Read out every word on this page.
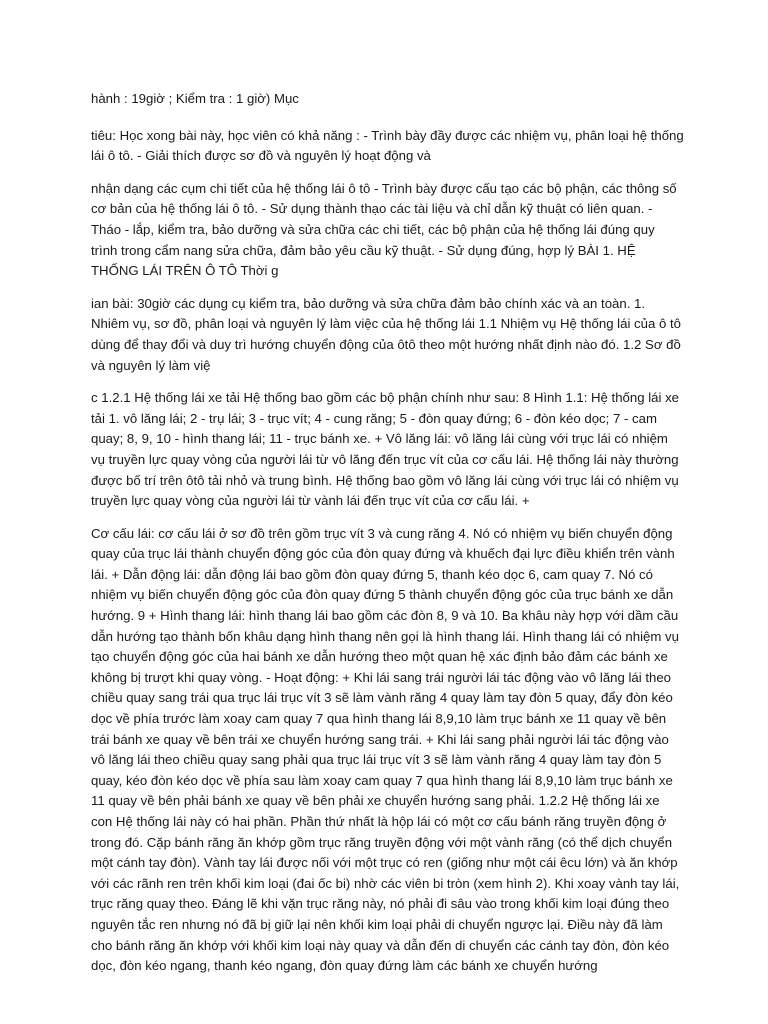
hành : 19giờ ; Kiểm tra : 1 giờ) Mục

tiêu: Học xong bài này, học viên có khả năng : - Trình bày đầy được các nhiệm vụ, phân loại hệ thống lái ô tô. - Giải thích được sơ đồ và nguyên lý hoạt động và

nhận dạng các cụm chi tiết của hệ thống lái ô tô - Trình bày được cấu tạo các bộ phận, các thông số cơ bản của hệ thống lái ô tô. - Sử dụng thành thạo các tài liệu và chỉ dẫn kỹ thuật có liên quan. - Tháo - lắp, kiểm tra, bảo dưỡng và sửa chữa các chi tiết, các bộ phận của hệ thống lái đúng quy trình trong cẩm nang sửa chữa, đảm bảo yêu cầu kỹ thuật. - Sử dụng đúng, hợp lý BÀI 1. HỆ THỐNG LÁI TRÊN Ô TÔ Thời g

ian bài: 30giờ các dụng cụ kiểm tra, bảo dưỡng và sửa chữa đảm bảo chính xác và an toàn. 1. Nhiêm vụ, sơ đồ, phân loại và nguyên lý làm việc của hệ thống lái 1.1 Nhiệm vụ Hệ thống lái của ô tô dùng để thay đổi và duy trì hướng chuyển động của ôtô theo một hướng nhất định nào đó. 1.2 Sơ đồ và nguyên lý làm việ

c 1.2.1 Hệ thống lái xe tải Hệ thống bao gồm các bộ phận chính như sau: 8 Hình 1.1: Hệ thống lái xe tải 1. vô lăng lái; 2 - trụ lái; 3 - trục vít; 4 - cung răng; 5 - đòn quay đứng; 6 - đòn kéo dọc; 7 - cam quay; 8, 9, 10 - hình thang lái; 11 - trục bánh xe. + Vô lăng lái: vô lăng lái cùng với trục lái có nhiệm vụ truyền lực quay vòng của người lái từ vô lăng đến trục vít của cơ cấu lái. Hệ thống lái này thường được bố trí trên ôtô tải nhỏ và trung bình. Hệ thống bao gồm vô lăng lái cùng với trục lái có nhiệm vụ truyền lực quay vòng của người lái từ vành lái đến trục vít của cơ cấu lái. +

Cơ cấu lái: cơ cấu lái ở sơ đồ trên gồm trục vít 3 và cung răng 4. Nó có nhiệm vụ biến chuyển động quay của trục lái thành chuyển động góc của đòn quay đứng và khuếch đại lực điều khiển trên vành lái. + Dẫn động lái: dẫn động lái bao gồm đòn quay đứng 5, thanh kéo dọc 6, cam quay 7. Nó có nhiệm vụ biến chuyển động góc của đòn quay đứng 5 thành chuyển động góc của trục bánh xe dẫn hướng. 9 + Hình thang lái: hình thang lái bao gồm các đòn 8, 9 và 10. Ba khâu này hợp với dầm cầu dẫn hướng tạo thành bốn khâu dạng hình thang nên gọi là hình thang lái. Hình thang lái có nhiệm vụ tạo chuyển động góc của hai bánh xe dẫn hướng theo một quan hệ xác định bảo đảm các bánh xe không bị trượt khi quay vòng. - Hoạt động: + Khi lái sang trái người lái tác động vào vô lăng lái theo chiều quay sang trái qua trục lái trục vít 3 sẽ làm vành răng 4 quay làm tay đòn 5 quay, đẩy đòn kéo dọc về phía trước làm xoay cam quay 7 qua hình thang lái 8,9,10 làm trục bánh xe 11 quay về bên trái bánh xe quay về bên trái xe chuyển hướng sang trái. + Khi lái sang phải người lái tác động vào vô lăng lái theo chiều quay sang phải qua trục lái trục vít 3 sẽ làm vành răng 4 quay làm tay đòn 5 quay, kéo đòn kéo dọc về phía sau làm xoay cam quay 7 qua hình thang lái 8,9,10 làm trục bánh xe 11 quay về bên phải bánh xe quay về bên phải xe chuyển hướng sang phải. 1.2.2 Hệ thống lái xe con Hệ thống lái này có hai phần. Phần thứ nhất là hộp lái có một cơ cấu bánh răng truyền động ở trong đó. Cặp bánh răng ăn khớp gồm trục răng truyền động với một vành răng (có thể dịch chuyển một cánh tay đòn). Vành tay lái được nối với một trục có ren (giống như một cái êcu lớn) và ăn khớp với các rãnh ren trên khối kim loại (đai ốc bi) nhờ các viên bi tròn (xem hình 2). Khi xoay vành tay lái, trục răng quay theo. Đáng lẽ khi vặn trục răng này, nó phải đi sâu vào trong khối kim loại đúng theo nguyên tắc ren nhưng nó đã bị giữ lại nên khối kim loại phải di chuyển ngược lại. Điều này đã làm cho bánh răng ăn khớp với khối kim loại này quay và dẫn đến di chuyển các cánh tay đòn, đòn kéo dọc, đòn kéo ngang, thanh kéo ngang, đòn quay đứng làm các bánh xe chuyển hướng
